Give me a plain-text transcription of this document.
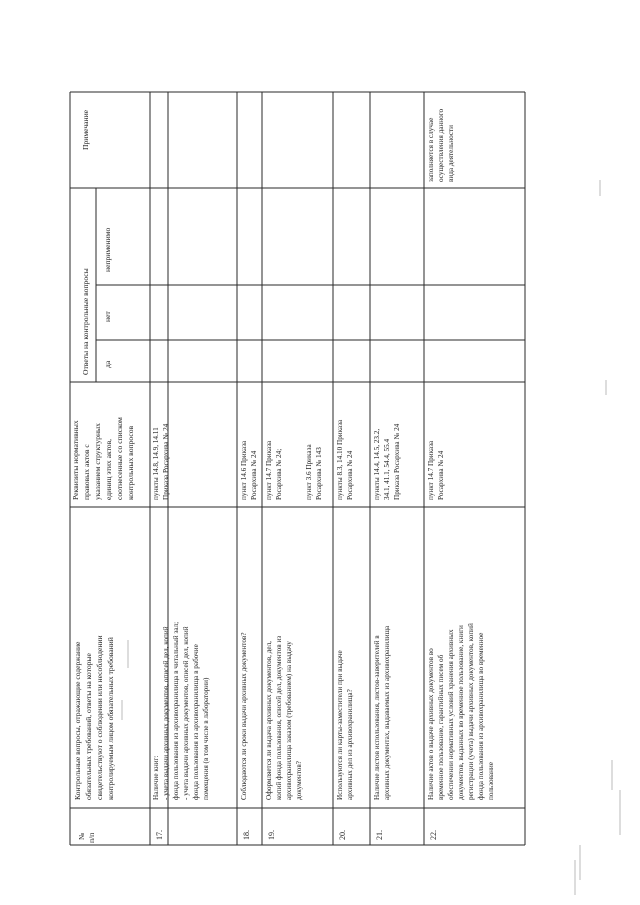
№ п/п
Контрольные вопросы, отражающие содержание обязательных требований, ответы на которые свидетельствуют о соблюдении или несоблюдении контролируемым лицом обязательных требований
Реквизиты нормативных правовых актов с указанием структурных единиц этих актов, соотнесенные со списком контрольных вопросов
Ответы на контрольные вопросы да
нет
неприменимо
Примечание
17.
Наличие книг: - учета выдачи архивных документов, описей дел, копий фонда пользования из архивохранилища в читальный зал; - учета выдачи архивных документов, описей дел, копий фонда пользования из архивохранилища в рабочие помещения (в том числе в лаборатории)
пункты 14.8, 14.9, 14.11 Приказа Росархива № 24
18.
Соблюдаются ли сроки выдачи архивных документов?
пункт 14.6 Приказа Росархива № 24
19.
Оформляется ли выдача архивных документов, дел, копий фонда пользования, описей дел, документов из архивохранилища заказом (требованием) на выдачу документов?
пункт 14.7 Приказа Росархива № 24;	пункт 3.6 Приказа Росархива № 143
20.
Используются ли карты-заместители при выдаче архивных дел из архивохранилища?
пункты 8.3, 14.10 Приказа Росархива № 24
21.
Наличие листов использования, листов-заверителей в архивных документах, выдаваемых из архивохранилища
пункты 14.4, 14.5, 23.2, 34.1, 41.1, 54.4, 55.4 Приказа Росархива № 24
22.
Наличие актов о выдаче архивных документов во временное пользование, гарантийных писем об обеспечении нормативных условий хранения архивных документов, выданных во временное пользование, книги регистрации (учета) выдачи архивных документов, копий фонда пользования из архивохранилища во временное пользование
пункт 14.7 Приказа Росархива № 24
заполняется в случае осуществления данного вида деятельности
